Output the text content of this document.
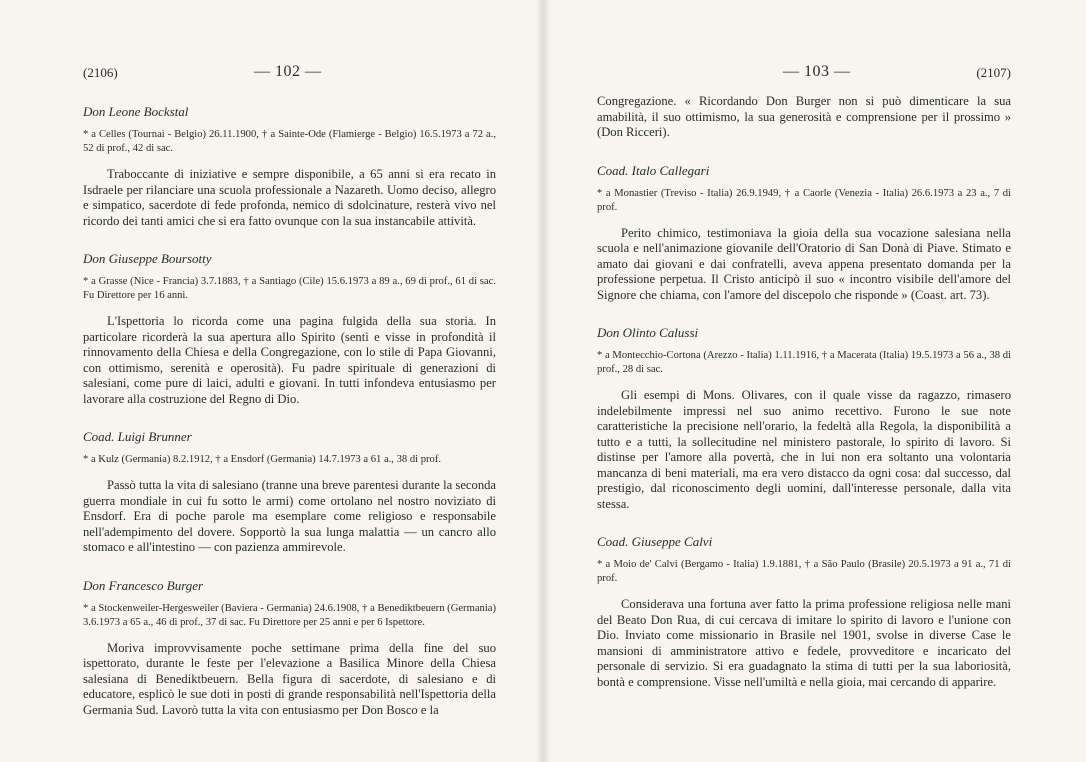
(2106)	— 102 —

Don Leone Bockstal

* a Celles (Tournai - Belgio) 26.11.1900, † a Sainte-Ode (Flamierge - Belgio) 16.5.1973 a 72 a., 52 di prof., 42 di sac.

Traboccante di iniziative e sempre disponibile, a 65 anni si era recato in Isdraele per rilanciare una scuola professionale a Nazareth. Uomo deciso, allegro e simpatico, sacerdote di fede profonda, nemico di sdolcinature, resterà vivo nel ricordo dei tanti amici che si era fatto ovunque con la sua instancabile attività.

Don Giuseppe Boursotty

* a Grasse (Nice - Francia) 3.7.1883, † a Santiago (Cile) 15.6.1973 a 89 a., 69 di prof., 61 di sac. Fu Direttore per 16 anni.

L'Ispettoria lo ricorda come una pagina fulgida della sua storia. In particolare ricorderà la sua apertura allo Spirito (sentì e visse in profondità il rinnovamento della Chiesa e della Congregazione, con lo stile di Papa Giovanni, con ottimismo, serenità e operosità). Fu padre spirituale di generazioni di salesiani, come pure di laici, adulti e giovani. In tutti infondeva entusiasmo per lavorare alla costruzione del Regno di Dio.

Coad. Luigi Brunner

* a Kulz (Germania) 8.2.1912, † a Ensdorf (Germania) 14.7.1973 a 61 a., 38 di prof.

Passò tutta la vita di salesiano (tranne una breve parentesi durante la seconda guerra mondiale in cui fu sotto le armi) come ortolano nel nostro noviziato di Ensdorf. Era di poche parole ma esemplare come religioso e responsabile nell'adempimento del dovere. Sopportò la sua lunga malattia — un cancro allo stomaco e all'intestino — con pazienza ammirevole.

Don Francesco Burger

* a Stockenweiler-Hergesweiler (Baviera - Germania) 24.6.1908, † a Benediktbeuern (Germania) 3.6.1973 a 65 a., 46 di prof., 37 di sac. Fu Direttore per 25 anni e per 6 Ispettore.

Moriva improvvisamente poche settimane prima della fine del suo ispettorato, durante le feste per l'elevazione a Basilica Minore della Chiesa salesiana di Benediktbeuern. Bella figura di sacerdote, di salesiano e di educatore, esplicò le sue doti in posti di grande responsabilità nell'Ispettoria della Germania Sud. Lavorò tutta la vita con entusiasmo per Don Bosco e la

— 103 —	(2107)

Congregazione. « Ricordando Don Burger non si può dimenticare la sua amabilità, il suo ottimismo, la sua generosità e comprensione per il prossimo » (Don Ricceri).

Coad. Italo Callegari

* a Monastier (Treviso - Italia) 26.9.1949, † a Caorle (Venezia - Italia) 26.6.1973 a 23 a., 7 di prof.

Perito chimico, testimoniava la gioia della sua vocazione salesiana nella scuola e nell'animazione giovanile dell'Oratorio di San Donà di Piave. Stimato e amato dai giovani e dai confratelli, aveva appena presentato domanda per la professione perpetua. Il Cristo anticipò il suo « incontro visibile dell'amore del Signore che chiama, con l'amore del discepolo che risponde » (Coast. art. 73).

Don Olinto Calussi

* a Montecchio-Cortona (Arezzo - Italia) 1.11.1916, † a Macerata (Italia) 19.5.1973 a 56 a., 38 di prof., 28 di sac.

Gli esempi di Mons. Olivares, con il quale visse da ragazzo, rimasero indelebilmente impressi nel suo animo recettivo. Furono le sue note caratteristiche la precisione nell'orario, la fedeltà alla Regola, la disponibilità a tutto e a tutti, la sollecitudine nel ministero pastorale, lo spirito di lavoro. Si distinse per l'amore alla povertà, che in lui non era soltanto una volontaria mancanza di beni materiali, ma era vero distacco da ogni cosa: dal successo, dal prestigio, dal riconoscimento degli uomini, dall'interesse personale, dalla vita stessa.

Coad. Giuseppe Calvi

* a Moio de' Calvi (Bergamo - Italia) 1.9.1881, † a São Paulo (Brasile) 20.5.1973 a 91 a., 71 di prof.

Considerava una fortuna aver fatto la prima professione religiosa nelle mani del Beato Don Rua, di cui cercava di imitare lo spirito di lavoro e l'unione con Dio. Inviato come missionario in Brasile nel 1901, svolse in diverse Case le mansioni di amministratore attivo e fedele, provveditore e incaricato del personale di servizio. Si era guadagnato la stima di tutti per la sua laboriosità, bontà e comprensione. Visse nell'umiltà e nella gioia, mai cercando di apparire.
